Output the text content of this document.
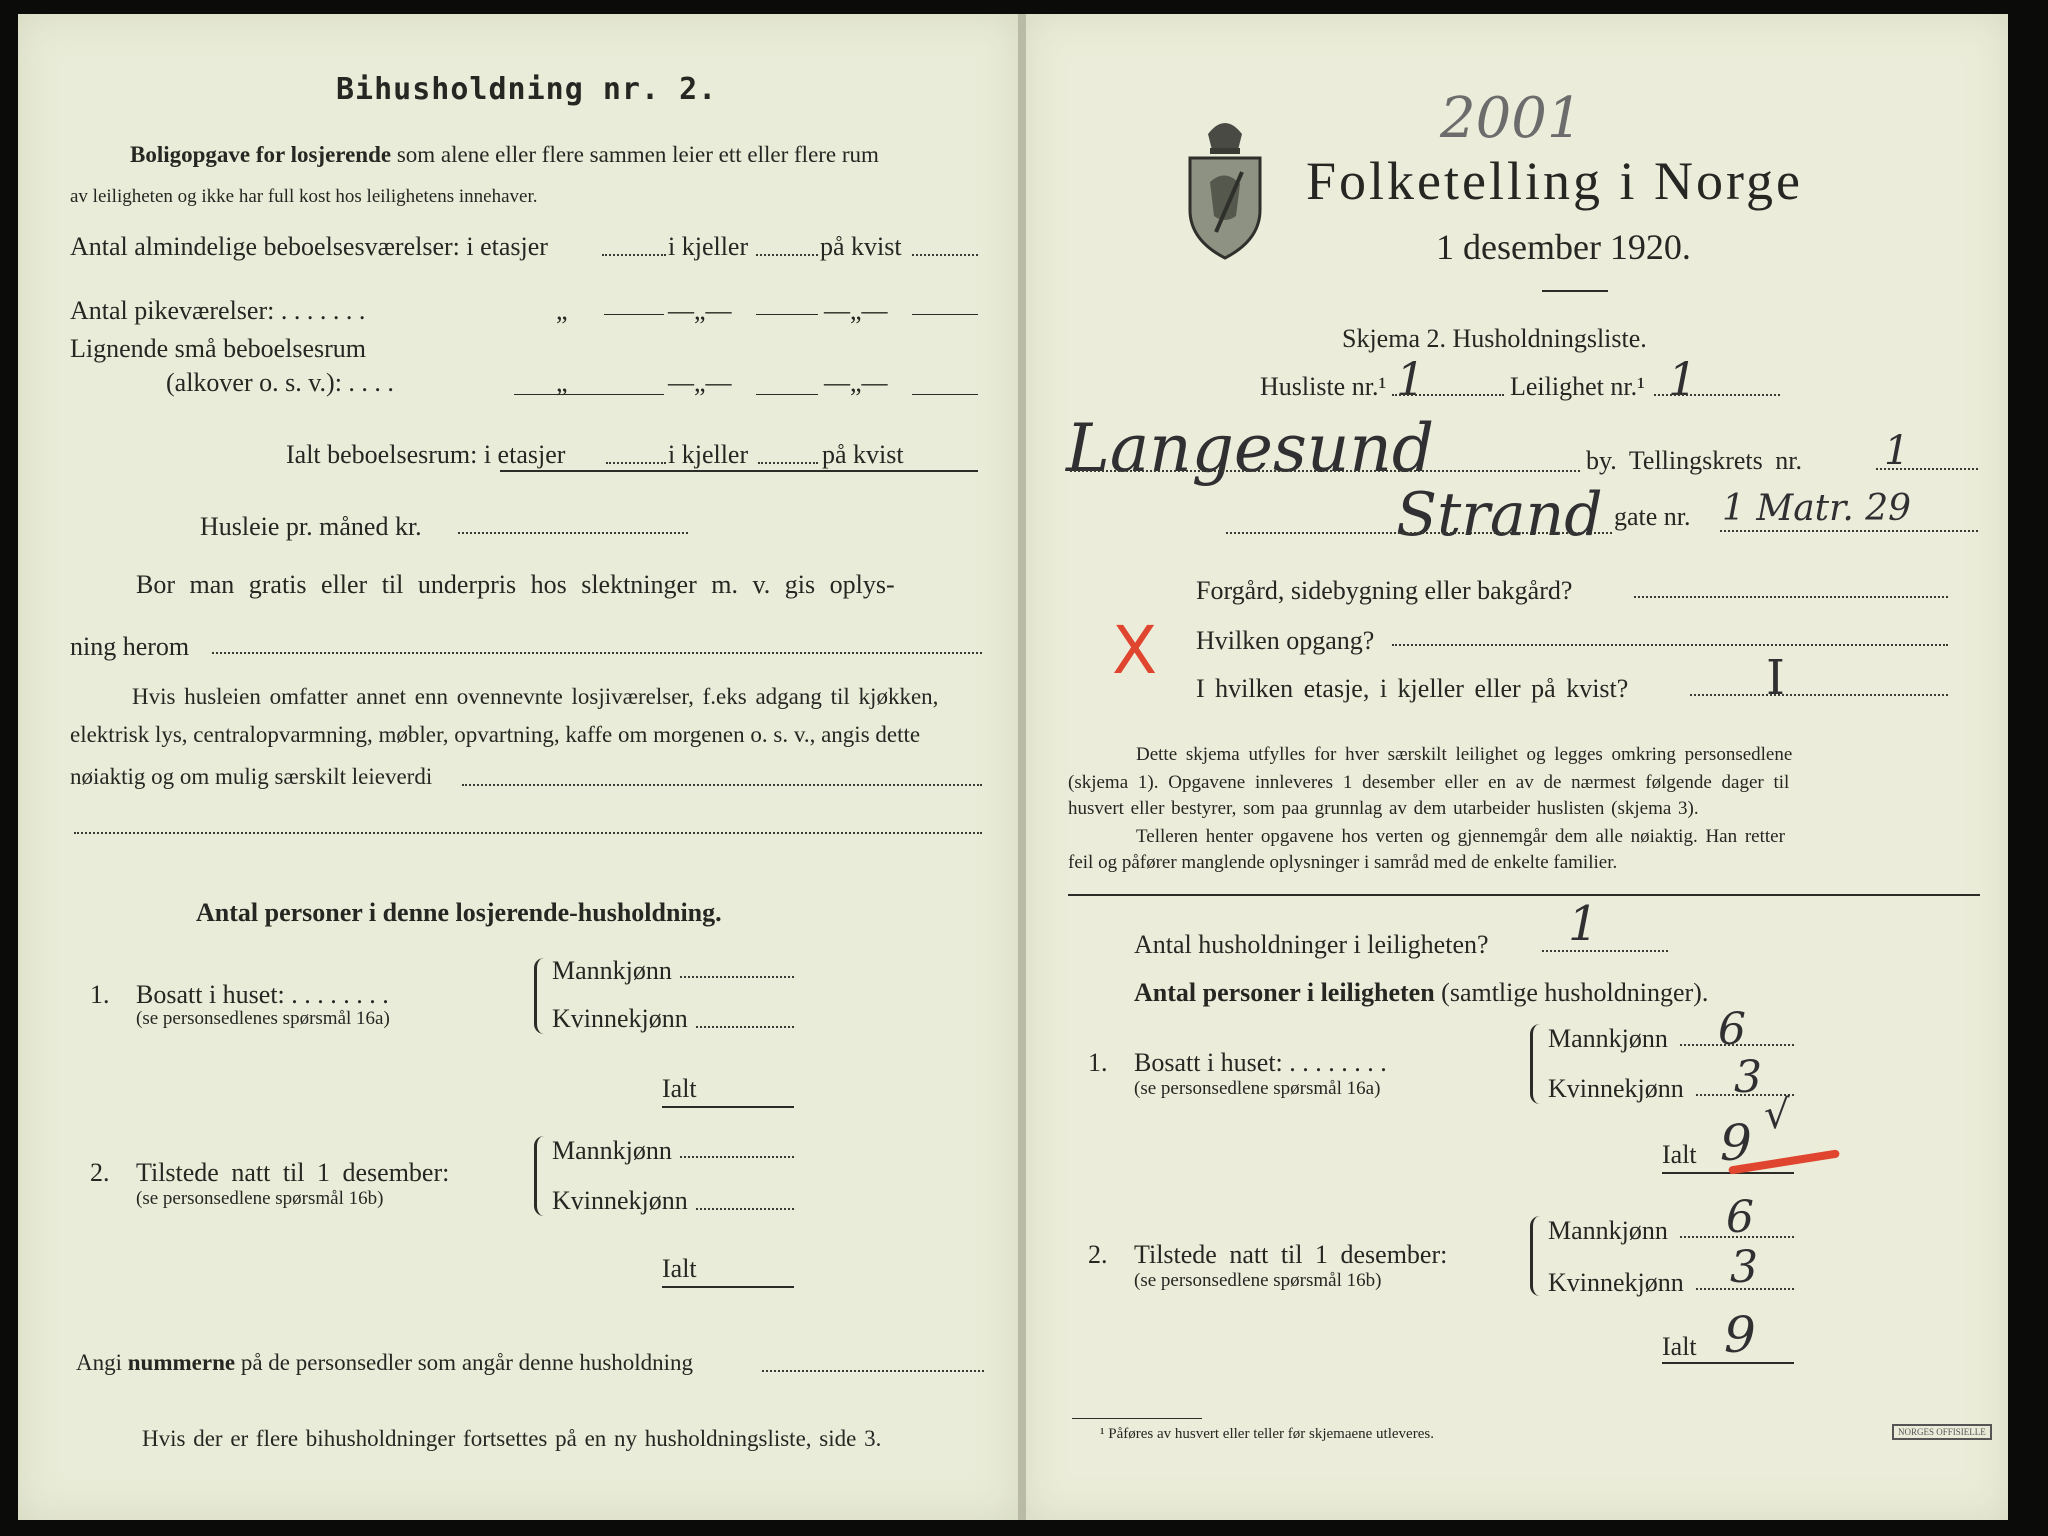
Bihusholdning nr. 2.
Boligopgave for losjerende som alene eller flere sammen leier ett eller flere rum
av leiligheten og ikke har full kost hos leilighetens innehaver.
Antal almindelige beboelsesværelser: i etasjer	i kjeller	på kvist
Antal pikeværelser: . . . . . . .	„	—„—	—„—
Lignende små beboelsesrum
(alkover o. s. v.): . . . .	„	—„—	—„—
Ialt beboelsesrum: i etasjer	i kjeller	på kvist
Husleie pr. måned kr.
Bor man gratis eller til underpris hos slektninger m. v. gis oplys-
ning herom
Hvis husleien omfatter annet enn ovennevnte losjiværelser, f.eks adgang til kjøkken,
elektrisk lys, centralopvarmning, møbler, opvartning, kaffe om morgenen o. s. v., angis dette
nøiaktig og om mulig særskilt leieverdi
Antal personer i denne losjerende-husholdning.
1. Bosatt i huset: . . . . . . . .
(se personsedlenes spørsmål 16a)
Mannkjønn
Kvinnekjønn
Ialt
2. Tilstede natt til 1 desember:
(se personsedlene spørsmål 16b)
Mannkjønn
Kvinnekjønn
Ialt
Angi nummerne på de personsedler som angår denne husholdning
Hvis der er flere bihusholdninger fortsettes på en ny husholdningsliste, side 3.
2001
Folketelling i Norge
1 desember 1920.
Skjema 2. Husholdningsliste.
Husliste nr.¹ 1	Leilighet nr.¹ 1
Langesund	by. Tellingskrets nr. 1
Strand gate nr. 1 Matr. 29
Forgård, sidebygning eller bakgård?
X Hvilken opgang?
I hvilken etasje, i kjeller eller på kvist?	I
Dette skjema utfylles for hver særskilt leilighet og legges omkring personsedlene
(skjema 1). Opgavene innleveres 1 desember eller en av de nærmest følgende dager til
husvert eller bestyrer, som paa grunnlag av dem utarbeider huslisten (skjema 3).
Telleren henter opgavene hos verten og gjennemgår dem alle nøiaktig. Han retter
feil og påfører manglende oplysninger i samråd med de enkelte familier.
Antal husholdninger i leiligheten? 1
Antal personer i leiligheten (samtlige husholdninger).
1. Bosatt i huset: . . . . . . . .
(se personsedlene spørsmål 16a)
Mannkjønn 6
Kvinnekjønn 3
Ialt 9 √
2. Tilstede natt til 1 desember:
(se personsedlene spørsmål 16b)
Mannkjønn 6
Kvinnekjønn 3
Ialt 9
¹ Påføres av husvert eller teller før skjemaene utleveres.	NORGES OFFISIELLE
